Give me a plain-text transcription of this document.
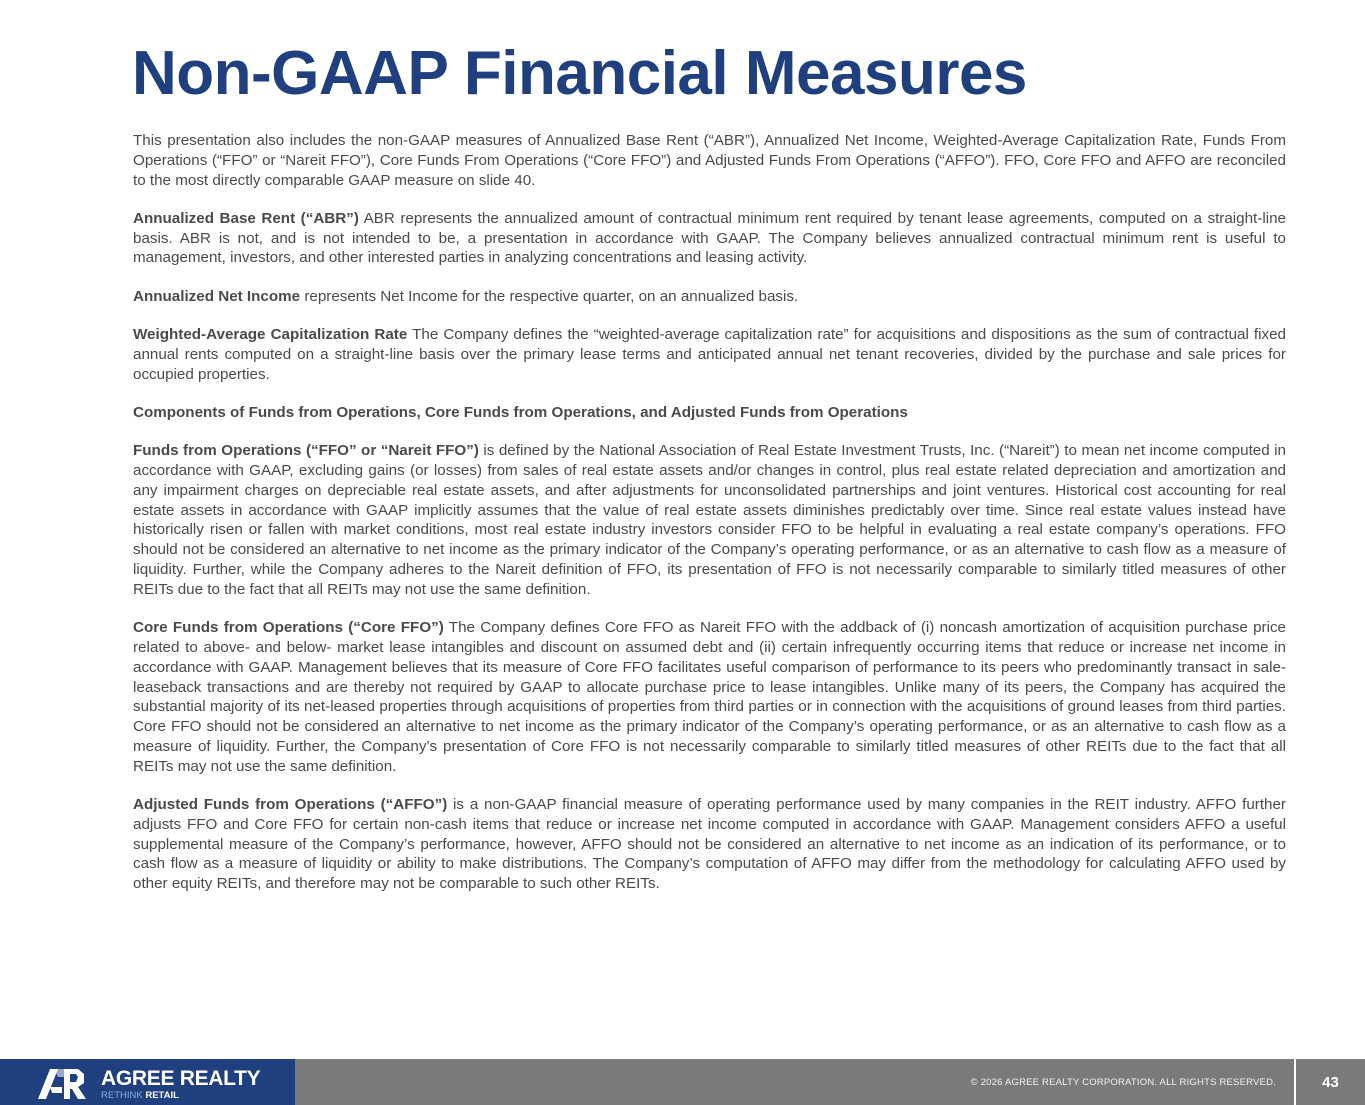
Non-GAAP Financial Measures

This presentation also includes the non-GAAP measures of Annualized Base Rent (“ABR”), Annualized Net Income, Weighted-Average Capitalization Rate, Funds From Operations (“FFO” or “Nareit FFO”), Core Funds From Operations (“Core FFO”) and Adjusted Funds From Operations (“AFFO”). FFO, Core FFO and AFFO are reconciled to the most directly comparable GAAP measure on slide 40.

Annualized Base Rent (“ABR”) ABR represents the annualized amount of contractual minimum rent required by tenant lease agreements, computed on a straight-line basis. ABR is not, and is not intended to be, a presentation in accordance with GAAP. The Company believes annualized contractual minimum rent is useful to management, investors, and other interested parties in analyzing concentrations and leasing activity.

Annualized Net Income represents Net Income for the respective quarter, on an annualized basis.

Weighted-Average Capitalization Rate The Company defines the “weighted-average capitalization rate” for acquisitions and dispositions as the sum of contractual fixed annual rents computed on a straight-line basis over the primary lease terms and anticipated annual net tenant recoveries, divided by the purchase and sale prices for occupied properties.

Components of Funds from Operations, Core Funds from Operations, and Adjusted Funds from Operations

Funds from Operations (“FFO” or “Nareit FFO”) is defined by the National Association of Real Estate Investment Trusts, Inc. (“Nareit”) to mean net income computed in accordance with GAAP, excluding gains (or losses) from sales of real estate assets and/or changes in control, plus real estate related depreciation and amortization and any impairment charges on depreciable real estate assets, and after adjustments for unconsolidated partnerships and joint ventures. Historical cost accounting for real estate assets in accordance with GAAP implicitly assumes that the value of real estate assets diminishes predictably over time. Since real estate values instead have historically risen or fallen with market conditions, most real estate industry investors consider FFO to be helpful in evaluating a real estate company’s operations. FFO should not be considered an alternative to net income as the primary indicator of the Company’s operating performance, or as an alternative to cash flow as a measure of liquidity. Further, while the Company adheres to the Nareit definition of FFO, its presentation of FFO is not necessarily comparable to similarly titled measures of other REITs due to the fact that all REITs may not use the same definition.

Core Funds from Operations (“Core FFO”) The Company defines Core FFO as Nareit FFO with the addback of (i) noncash amortization of acquisition purchase price related to above- and below- market lease intangibles and discount on assumed debt and (ii) certain infrequently occurring items that reduce or increase net income in accordance with GAAP. Management believes that its measure of Core FFO facilitates useful comparison of performance to its peers who predominantly transact in sale-leaseback transactions and are thereby not required by GAAP to allocate purchase price to lease intangibles. Unlike many of its peers, the Company has acquired the substantial majority of its net-leased properties through acquisitions of properties from third parties or in connection with the acquisitions of ground leases from third parties. Core FFO should not be considered an alternative to net income as the primary indicator of the Company’s operating performance, or as an alternative to cash flow as a measure of liquidity. Further, the Company’s presentation of Core FFO is not necessarily comparable to similarly titled measures of other REITs due to the fact that all REITs may not use the same definition.

Adjusted Funds from Operations (“AFFO”) is a non-GAAP financial measure of operating performance used by many companies in the REIT industry. AFFO further adjusts FFO and Core FFO for certain non-cash items that reduce or increase net income computed in accordance with GAAP. Management considers AFFO a useful supplemental measure of the Company’s performance, however, AFFO should not be considered an alternative to net income as an indication of its performance, or to cash flow as a measure of liquidity or ability to make distributions. The Company’s computation of AFFO may differ from the methodology for calculating AFFO used by other equity REITs, and therefore may not be comparable to such other REITs.

AGREE REALTY
RETHINK RETAIL
© 2026 AGREE REALTY CORPORATION. ALL RIGHTS RESERVED.	43
